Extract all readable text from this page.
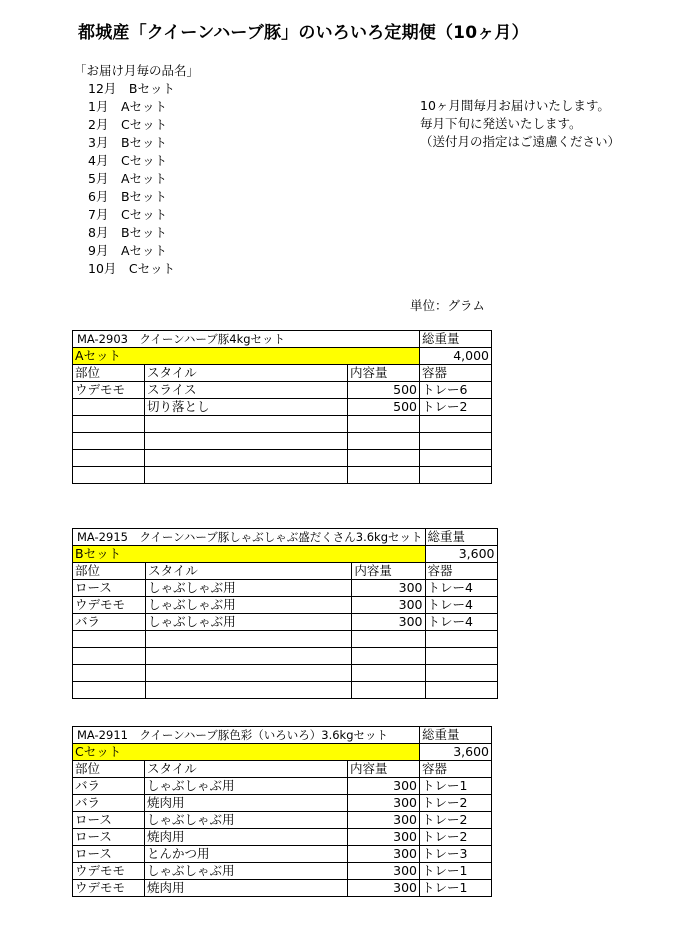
都城産「クイーンハーブ豚」のいろいろ定期便（10ヶ月）
「お届け月毎の品名」
12月　Bセット
1月　Aセット
2月　Cセット
3月　Bセット
4月　Cセット
5月　Aセット
6月　Bセット
7月　Cセット
8月　Bセット
9月　Aセット
10月　Cセット
10ヶ月間毎月お届けいたします。
毎月下旬に発送いたします。
（送付月の指定はご遠慮ください）
単位：グラム
MA-2903　クイーンハーブ豚4kgセット			総重量
Aセット			4,000
部位	スタイル	内容量	容器
ウデモモ	スライス	500	トレー6
	切り落とし	500	トレー2

MA-2915　クイーンハーブ豚しゃぶしゃぶ盛だくさん3.6kgセット			総重量
Bセット			3,600
部位	スタイル	内容量	容器
ロース	しゃぶしゃぶ用	300	トレー4
ウデモモ	しゃぶしゃぶ用	300	トレー4
バラ	しゃぶしゃぶ用	300	トレー4

MA-2911　クイーンハーブ豚色彩（いろいろ）3.6kgセット			総重量
Cセット			3,600
部位	スタイル	内容量	容器
バラ	しゃぶしゃぶ用	300	トレー1
バラ	焼肉用	300	トレー2
ロース	しゃぶしゃぶ用	300	トレー2
ロース	焼肉用	300	トレー2
ロース	とんかつ用	300	トレー3
ウデモモ	しゃぶしゃぶ用	300	トレー1
ウデモモ	焼肉用	300	トレー1
